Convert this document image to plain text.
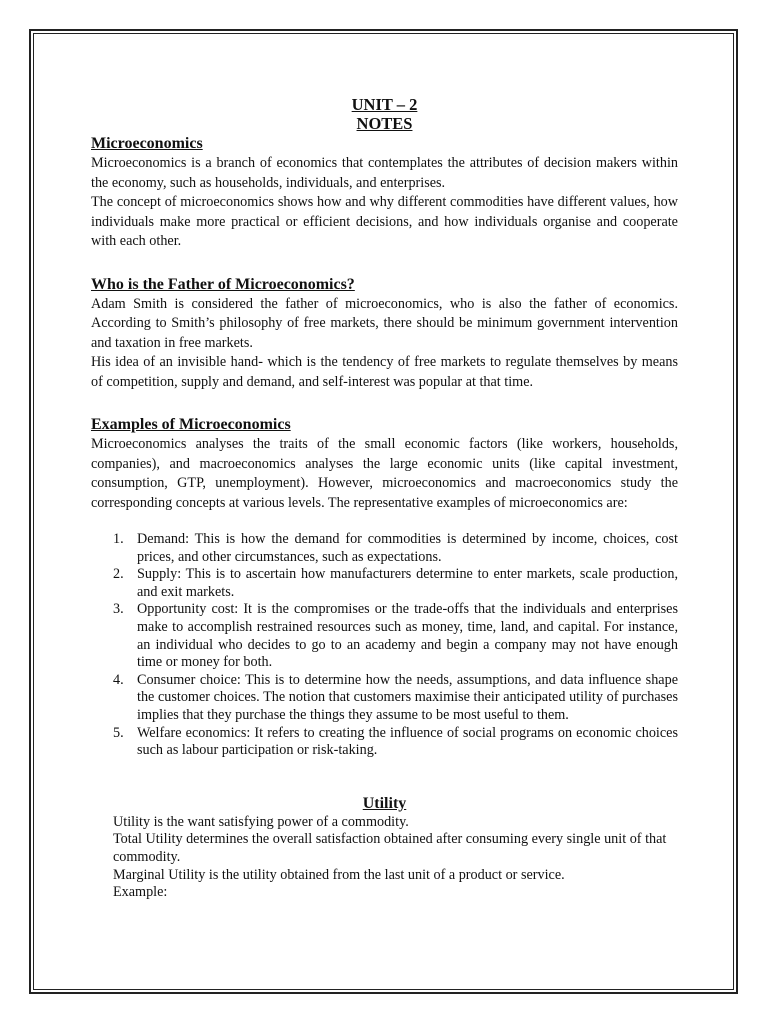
UNIT – 2
NOTES
Microeconomics

Microeconomics is a branch of economics that contemplates the attributes of decision makers within the economy, such as households, individuals, and enterprises.

The concept of microeconomics shows how and why different commodities have different values, how individuals make more practical or efficient decisions, and how individuals organise and cooperate with each other.

Who is the Father of Microeconomics?

Adam Smith is considered the father of microeconomics, who is also the father of economics. According to Smith’s philosophy of free markets, there should be minimum government intervention and taxation in free markets.

His idea of an invisible hand- which is the tendency of free markets to regulate themselves by means of competition, supply and demand, and self-interest was popular at that time.

Examples of Microeconomics

Microeconomics analyses the traits of the small economic factors (like workers, households, companies), and macroeconomics analyses the large economic units (like capital investment, consumption, GTP, unemployment). However, microeconomics and macroeconomics study the corresponding concepts at various levels. The representative examples of microeconomics are:

1. Demand: This is how the demand for commodities is determined by income, choices, cost prices, and other circumstances, such as expectations.
2. Supply: This is to ascertain how manufacturers determine to enter markets, scale production, and exit markets.
3. Opportunity cost: It is the compromises or the trade-offs that the individuals and enterprises make to accomplish restrained resources such as money, time, land, and capital. For instance, an individual who decides to go to an academy and begin a company may not have enough time or money for both.
4. Consumer choice: This is to determine how the needs, assumptions, and data influence shape the customer choices. The notion that customers maximise their anticipated utility of purchases implies that they purchase the things they assume to be most useful to them.
5. Welfare economics: It refers to creating the influence of social programs on economic choices such as labour participation or risk-taking.
Utility

Utility is the want satisfying power of a commodity.

Total Utility determines the overall satisfaction obtained after consuming every single unit of that commodity.

Marginal Utility is the utility obtained from the last unit of a product or service.

Example:
